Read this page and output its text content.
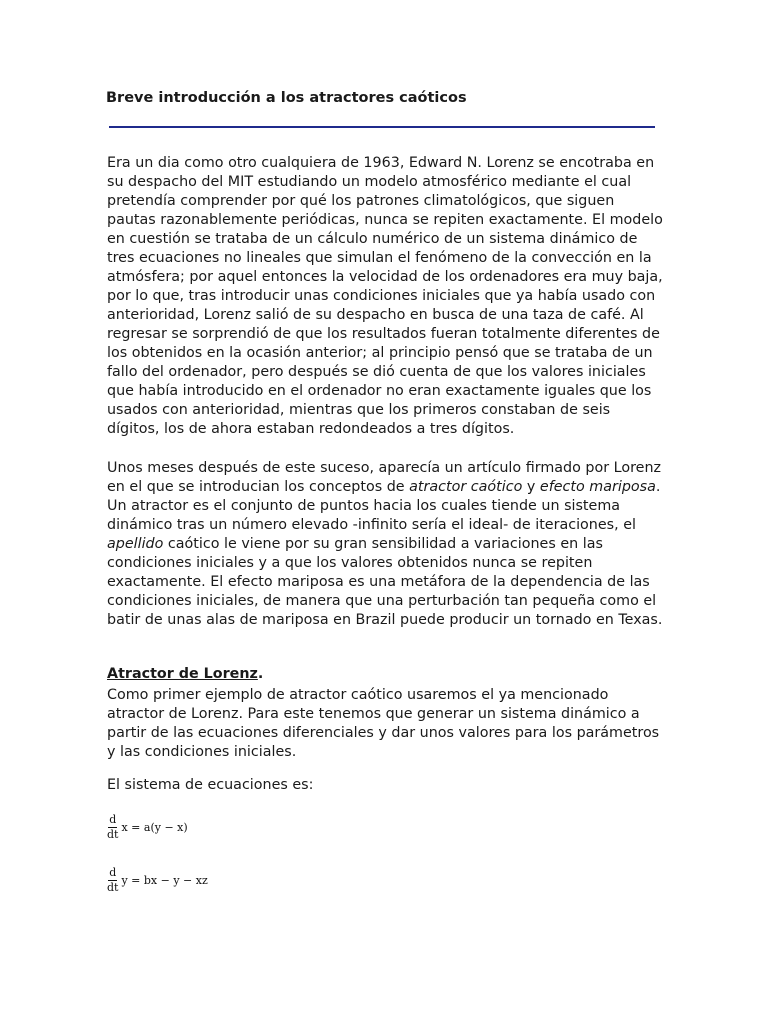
Breve introducción a los atractores caóticos

Era un dia como otro cualquiera de 1963, Edward N. Lorenz se encotraba en su despacho del MIT estudiando un modelo atmosférico mediante el cual pretendía comprender por qué los patrones climatológicos, que siguen pautas razonablemente periódicas, nunca se repiten exactamente. El modelo en cuestión se trataba de un cálculo numérico de un sistema dinámico de tres ecuaciones no lineales que simulan el fenómeno de la convección en la atmósfera; por aquel entonces la velocidad de los ordenadores era muy baja, por lo que, tras introducir unas condiciones iniciales que ya había usado con anterioridad, Lorenz salió de su despacho en busca de una taza de café. Al regresar se sorprendió de que los resultados fueran totalmente diferentes de los obtenidos en la ocasión anterior; al principio pensó que se trataba de un fallo del ordenador, pero después se dió cuenta de que los valores iniciales que había introducido en el ordenador no eran exactamente iguales que los usados con anterioridad, mientras que los primeros constaban de seis dígitos, los de ahora estaban redondeados a tres dígitos.

Unos meses después de este suceso, aparecía un artículo firmado por Lorenz en el que se introducian los conceptos de atractor caótico y efecto mariposa. Un atractor es el conjunto de puntos hacia los cuales tiende un sistema dinámico tras un número elevado -infinito sería el ideal- de iteraciones, el apellido caótico le viene por su gran sensibilidad a variaciones en las condiciones iniciales y a que los valores obtenidos nunca se repiten exactamente. El efecto mariposa es una metáfora de la dependencia de las condiciones iniciales, de manera que una perturbación tan pequeña como el batir de unas alas de mariposa en Brazil puede producir un tornado en Texas.

Atractor de Lorenz.

Como primer ejemplo de atractor caótico usaremos el ya mencionado atractor de Lorenz. Para este tenemos que generar un sistema dinámico a partir de las ecuaciones diferenciales y dar unos valores para los parámetros y las condiciones iniciales.

El sistema de ecuaciones es:

$\frac{d}{dt}$ x = a(y − x)
$\frac{d}{dt}$ y = bx − y − xz
